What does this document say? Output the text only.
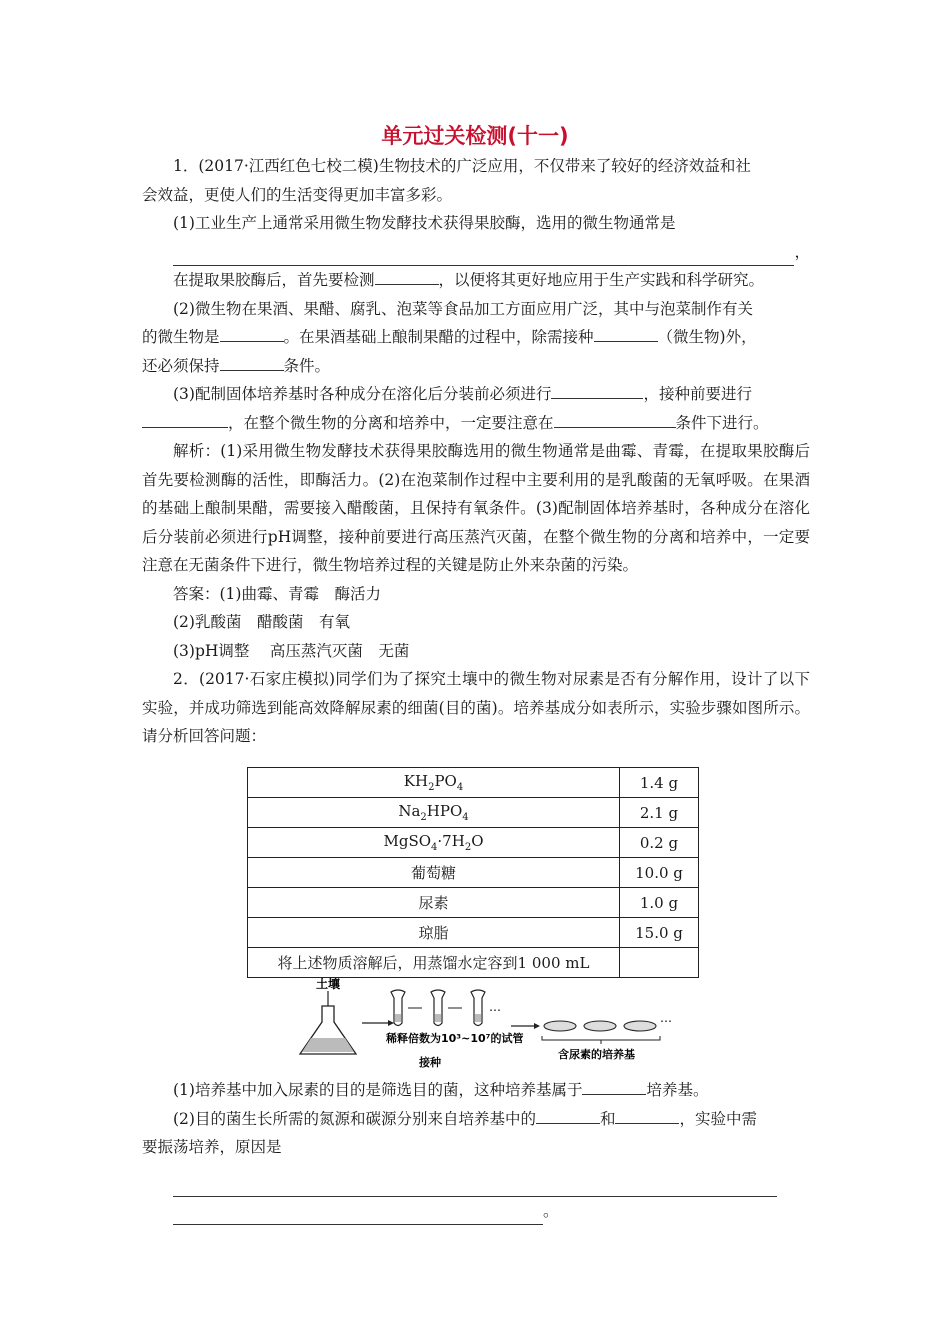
单元过关检测(十一)

1．(2017·江西红色七校二模)生物技术的广泛应用，不仅带来了较好的经济效益和社
会效益，更使人们的生活变得更加丰富多彩。

(1)工业生产上通常采用微生物发酵技术获得果胶酶，选用的微生物通常是

，

在提取果胶酶后，首先要检测	，以便将其更好地应用于生产实践和科学研究。

(2)微生物在果酒、果醋、腐乳、泡菜等食品加工方面应用广泛，其中与泡菜制作有关

的微生物是	。在果酒基础上酿制果醋的过程中，除需接种	（微生物)外，

还必须保持	条件。

(3)配制固体培养基时各种成分在溶化后分装前必须进行	，接种前要进行

，在整个微生物的分离和培养中，一定要注意在	条件下进行。

解析：(1)采用微生物发酵技术获得果胶酶选用的微生物通常是曲霉、青霉，在提取果胶酶后首先要检测酶的活性，即酶活力。(2)在泡菜制作过程中主要利用的是乳酸菌的无氧呼吸。在果酒的基础上酿制果醋，需要接入醋酸菌，且保持有氧条件。(3)配制固体培养基时，各种成分在溶化后分装前必须进行pH调整，接种前要进行高压蒸汽灭菌，在整个微生物的分离和培养中，一定要注意在无菌条件下进行，微生物培养过程的关键是防止外来杂菌的污染。

答案：(1)曲霉、青霉　酶活力

(2)乳酸菌　醋酸菌　有氧

(3)pH调整　 高压蒸汽灭菌　无菌

2．(2017·石家庄模拟)同学们为了探究土壤中的微生物对尿素是否有分解作用，设计了以下实验，并成功筛选到能高效降解尿素的细菌(目的菌)。培养基成分如表所示，实验步骤如图所示。请分析回答问题：

$KH_2PO_4$	1.4 g
$Na_2HPO_4$	2.1 g
$MgSO_4\cdot 7H_2O$	0.2 g
葡萄糖	10.0 g
尿素	1.0 g
琼脂	15.0 g
将上述物质溶解后，用蒸馏水定容到1 000 mL	
土壤
…
稀释倍数为10³~10⁷的试管
接种
…
含尿素的培养基

(1)培养基中加入尿素的目的是筛选目的菌，这种培养基属于	培养基。

(2)目的菌生长所需的氮源和碳源分别来自培养基中的	和	，实验中需

要振荡培养，原因是

。
